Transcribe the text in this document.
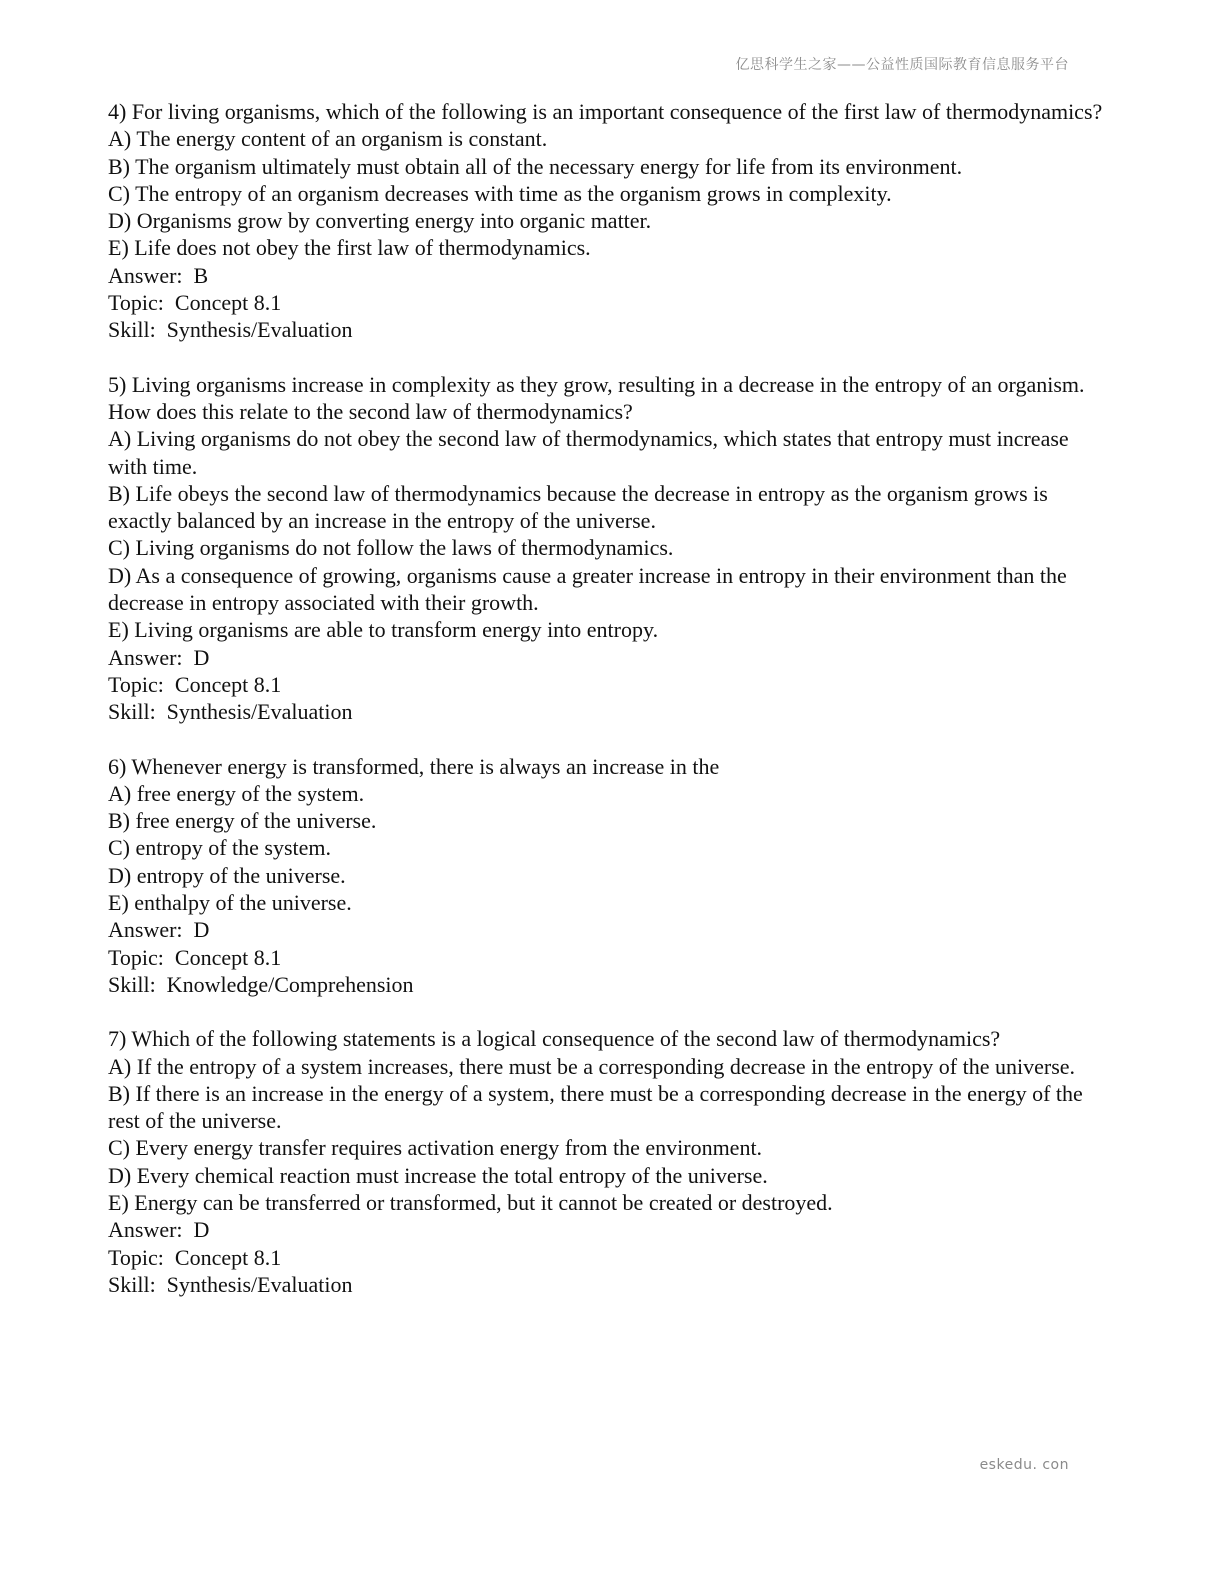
亿思科学生之家——公益性质国际教育信息服务平台
4) For living organisms, which of the following is an important consequence of the first law of thermodynamics?
A) The energy content of an organism is constant.
B) The organism ultimately must obtain all of the necessary energy for life from its environment.
C) The entropy of an organism decreases with time as the organism grows in complexity.
D) Organisms grow by converting energy into organic matter.
E) Life does not obey the first law of thermodynamics.
Answer:  B
Topic:  Concept 8.1
Skill:  Synthesis/Evaluation
5) Living organisms increase in complexity as they grow, resulting in a decrease in the entropy of an organism. How does this relate to the second law of thermodynamics?
A) Living organisms do not obey the second law of thermodynamics, which states that entropy must increase with time.
B) Life obeys the second law of thermodynamics because the decrease in entropy as the organism grows is exactly balanced by an increase in the entropy of the universe.
C) Living organisms do not follow the laws of thermodynamics.
D) As a consequence of growing, organisms cause a greater increase in entropy in their environment than the decrease in entropy associated with their growth.
E) Living organisms are able to transform energy into entropy.
Answer:  D
Topic:  Concept 8.1
Skill:  Synthesis/Evaluation
6) Whenever energy is transformed, there is always an increase in the
A) free energy of the system.
B) free energy of the universe.
C) entropy of the system.
D) entropy of the universe.
E) enthalpy of the universe.
Answer:  D
Topic:  Concept 8.1
Skill:  Knowledge/Comprehension
7) Which of the following statements is a logical consequence of the second law of thermodynamics?
A) If the entropy of a system increases, there must be a corresponding decrease in the entropy of the universe.
B) If there is an increase in the energy of a system, there must be a corresponding decrease in the energy of the rest of the universe.
C) Every energy transfer requires activation energy from the environment.
D) Every chemical reaction must increase the total entropy of the universe.
E) Energy can be transferred or transformed, but it cannot be created or destroyed.
Answer:  D
Topic:  Concept 8.1
Skill:  Synthesis/Evaluation
eskedu. con
